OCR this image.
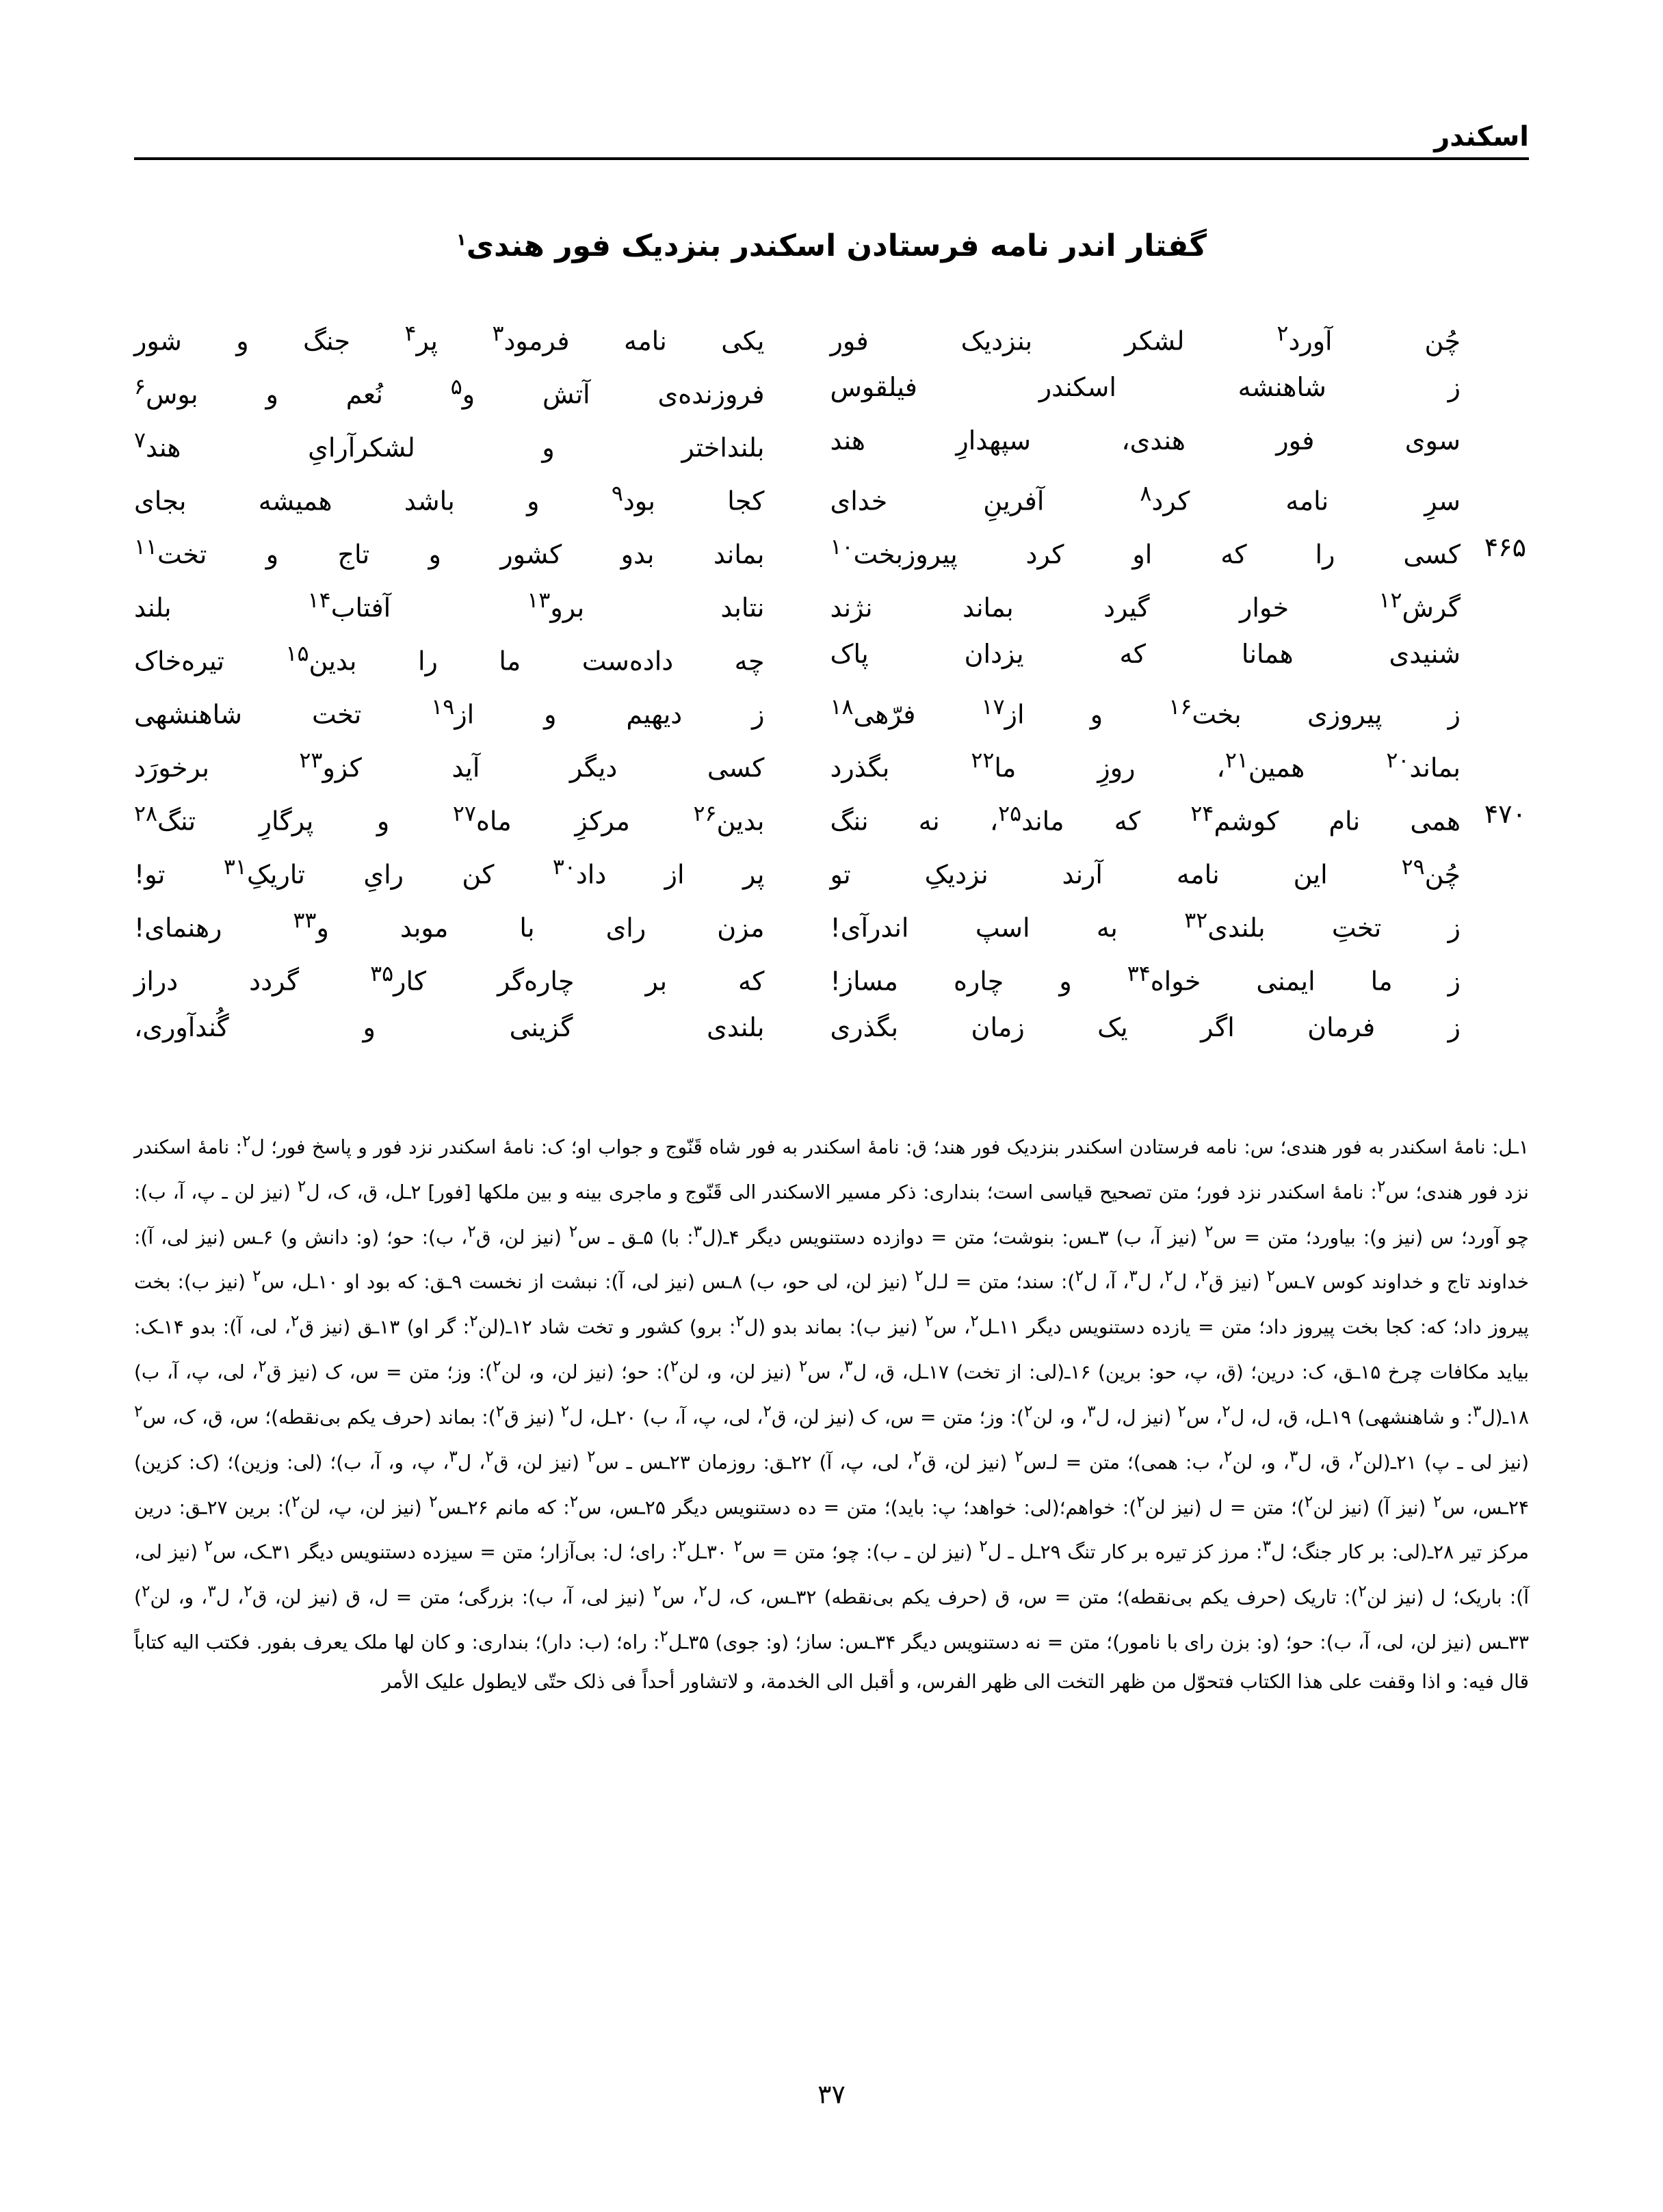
اسکندر
گفتار اندر نامه فرستادن اسکندر بنزدیک فور هندی$^۱$
چُن آورد$^۲$ لشکر بنزدیک فور
یکی نامه فرمود$^۳$ پر$^۴$ جنگ و شور
ز شاهنشه اسکندر فیلقوس
فروزنده‌ی آتش و$^۵$ نُعم و بوس$^۶$
سوی فور هندی، سپهدارِ هند
بلنداختر و لشکرآرایِ هند$^۷$
سرِ نامه کرد$^۸$ آفرینِ خدای
کجا بود$^۹$ و باشد همیشه بجای
۴۶۵
کسی را که او کرد پیروزبخت$^{۱۰}$
بماند بدو کشور و تاج و تخت$^{۱۱}$
گرش$^{۱۲}$ خوار گیرد بماند نژند
نتابد برو$^{۱۳}$ آفتاب$^{۱۴}$ بلند
شنیدی همانا که یزدان پاک
چه داده‌ست ما را بدین$^{۱۵}$ تیره‌خاک
ز پیروزی بخت$^{۱۶}$ و از$^{۱۷}$ فرّهی$^{۱۸}$
ز دیهیم و از$^{۱۹}$ تخت شاهنشهی
بماند$^{۲۰}$ همین$^{۲۱}$، روزِ ما$^{۲۲}$ بگذرد
کسی دیگر آید کزو$^{۲۳}$ برخورَد
۴۷۰
همی نام کوشم$^{۲۴}$ که ماند$^{۲۵}$، نه ننگ
بدین$^{۲۶}$ مرکزِ ماه$^{۲۷}$ و پرگارِ تنگ$^{۲۸}$
چُن$^{۲۹}$ این نامه آرند نزدیکِ تو
پر از داد$^{۳۰}$ کن رایِ تاریکِ$^{۳۱}$ تو!
ز تختِ بلندی$^{۳۲}$ به اسپ اندرآی!
مزن رای با موبد و$^{۳۳}$ رهنمای!
ز ما ایمنی خواه$^{۳۴}$ و چاره مساز!
که بر چاره‌گر کار$^{۳۵}$ گردد دراز
ز فرمان اگر یک زمان بگذری
بلندی گزینی و گُندآوری،

۱ـل: نامهٔ اسکندر به فور هندی؛ س: نامه فرستادن اسکندر بنزدیک فور هند؛ ق: نامهٔ اسکندر به فور شاه قَنّوج و جواب او؛ ک: نامهٔ اسکندر نزد فور و پاسخ فور؛ ل$^۲$: نامهٔ اسکندر نزد فور هندی؛ س$^۲$: نامهٔ اسکندر نزد فور؛ متن تصحیح قیاسی است؛ بنداری: ذکر مسیر الاسکندر الی قَنّوج و ماجری بینه و بین ملکها [فور] ۲ـل، ق، ک، ل$^۲$ (نیز لن ـ پ، آ، ب): چو آورد؛ س (نیز و): بیاورد؛ متن = س$^۲$ (نیز آ، ب) ۳ـس: بنوشت؛ متن = دوازده دستنویس دیگر ۴ـ(ل$^۳$: با) ۵ـق ـ س$^۲$ (نیز لن، ق$^۲$، ب): حو؛ (و: دانش و) ۶ـس (نیز لی، آ): خداوند تاج و خداوند کوس ۷ـس$^۲$ (نیز ق$^۲$، ل$^۲$، ل$^۳$، آ، ل$^۲$): سند؛ متن = لـ‌ل$^۲$ (نیز لن، لی حو، ب) ۸ـس (نیز لی، آ): نبشت از نخست ۹ـق: که بود او ۱۰ـل، س$^۲$ (نیز ب): بخت پیروز داد؛ که: کجا بخت پیروز داد؛ متن = یازده دستنویس دیگر ۱۱ـل$^۲$، س$^۲$ (نیز ب): بماند بدو (ل$^۲$: برو) کشور و تخت شاد ۱۲ـ(لن$^۲$: گر او) ۱۳ـق (نیز ق$^۲$، لی، آ): بدو ۱۴ـک: بیاید مکافات چرخ ۱۵ـق، ک: درین؛ (ق، پ، حو: برین) ۱۶ـ(لی: از تخت) ۱۷ـل، ق، ل$^۳$، س$^۲$ (نیز لن، و، لن$^۲$): حو؛ (نیز لن، و، لن$^۲$): وز؛ متن = س، ک (نیز ق$^۲$، لی، پ، آ، ب) ۱۸ـ(ل$^۳$: و شاهنشهی) ۱۹ـل، ق، ل، ل$^۲$، س$^۲$ (نیز ل، ل$^۳$، و، لن$^۲$): وز؛ متن = س، ک (نیز لن، ق$^۲$، لی، پ، آ، ب) ۲۰ـل، ل$^۲$ (نیز ق$^۲$): بماند (حرف یکم بی‌نقطه)؛ س، ق، ک، س$^۲$ (نیز لی ـ پ) ۲۱ـ(لن$^۲$، ق، ل$^۳$، و، لن$^۲$، ب: همی)؛ متن = لـ‌س$^۲$ (نیز لن، ق$^۲$، لی، پ، آ) ۲۲ـق: روزمان ۲۳ـس ـ س$^۲$ (نیز لن، ق$^۲$، ل$^۳$، پ، و، آ، ب)؛ (لی: وزین)؛ (ک: کزین) ۲۴ـس، س$^۲$ (نیز آ) (نیز لن$^۲$)؛ متن = ل (نیز لن$^۲$): خواهم؛(لی: خواهد؛ پ: باید)؛ متن = ده دستنویس دیگر ۲۵ـس، س$^۲$: که مانم ۲۶ـس$^۲$ (نیز لن، پ، لن$^۲$): برین ۲۷ـق: درین مرکز تیر ۲۸ـ(لی: بر کار جنگ؛ ل$^۳$: مرز کز تیره بر کار تنگ ۲۹ـل ـ ل$^۲$ (نیز لن ـ ب): چو؛ متن = س$^۲$ ۳۰ـل$^۲$: رای؛ ل: بی‌آزار؛ متن = سیزده دستنویس دیگر ۳۱ـک، س$^۲$ (نیز لی، آ): باریک؛ ل (نیز لن$^۲$): تاریک (حرف یکم بی‌نقطه)؛ متن = س، ق (حرف یکم بی‌نقطه) ۳۲ـس، ک، ل$^۲$، س$^۲$ (نیز لی، آ، ب): بزرگی؛ متن = ل، ق (نیز لن، ق$^۲$، ل$^۳$، و، لن$^۲$) ۳۳ـس (نیز لن، لی، آ، ب): حو؛ (و: بزن رای با نامور)؛ متن = نه دستنویس دیگر ۳۴ـس: ساز؛ (و: جوی) ۳۵ـل$^۲$: راه؛ (ب: دار)؛ بنداری: و کان لها ملک یعرف بفور. فکتب الیه کتاباً قال فیه: و اذا وقفت علی هذا الکتاب فتحوّل من ظهر التخت الی ظهر الفرس، و أقبل الی الخدمة، و لاتشاور أحداً فی ذلک حتّی لایطول علیک الأمر

۳۷
